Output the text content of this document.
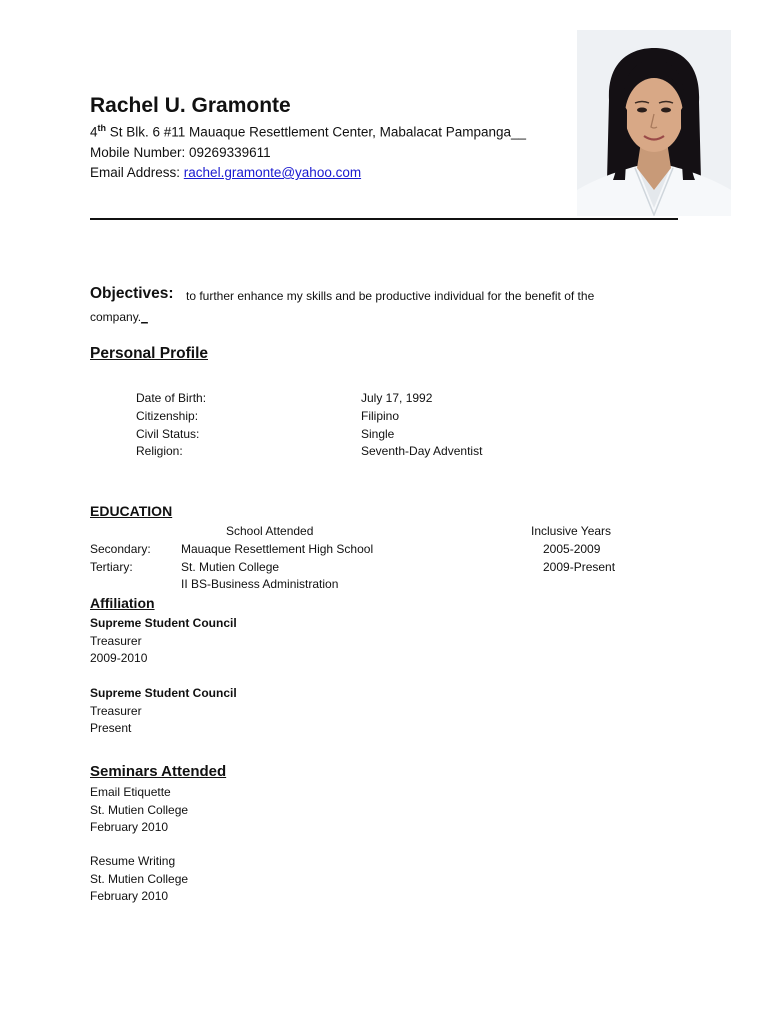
Rachel U. Gramonte
4th St Blk. 6 #11 Mauaque Resettlement Center, Mabalacat Pampanga__
Mobile Number: 09269339611
Email Address: rachel.gramonte@yahoo.com
Objectives: to further enhance my skills and be productive individual for the benefit of the
company._
Personal Profile
Date of Birth:	July 17, 1992
Citizenship:	Filipino
Civil Status:	Single
Religion:	Seventh-Day Adventist
EDUCATION
School Attended	Inclusive Years
Secondary:	Mauaque Resettlement High School	2005-2009
Tertiary:	St. Mutien College	2009-Present
II BS-Business Administration
Affiliation
Supreme Student Council
Treasurer
2009-2010
Supreme Student Council
Treasurer
Present
Seminars Attended
Email Etiquette
St. Mutien College
February 2010
Resume Writing
St. Mutien College
February 2010
